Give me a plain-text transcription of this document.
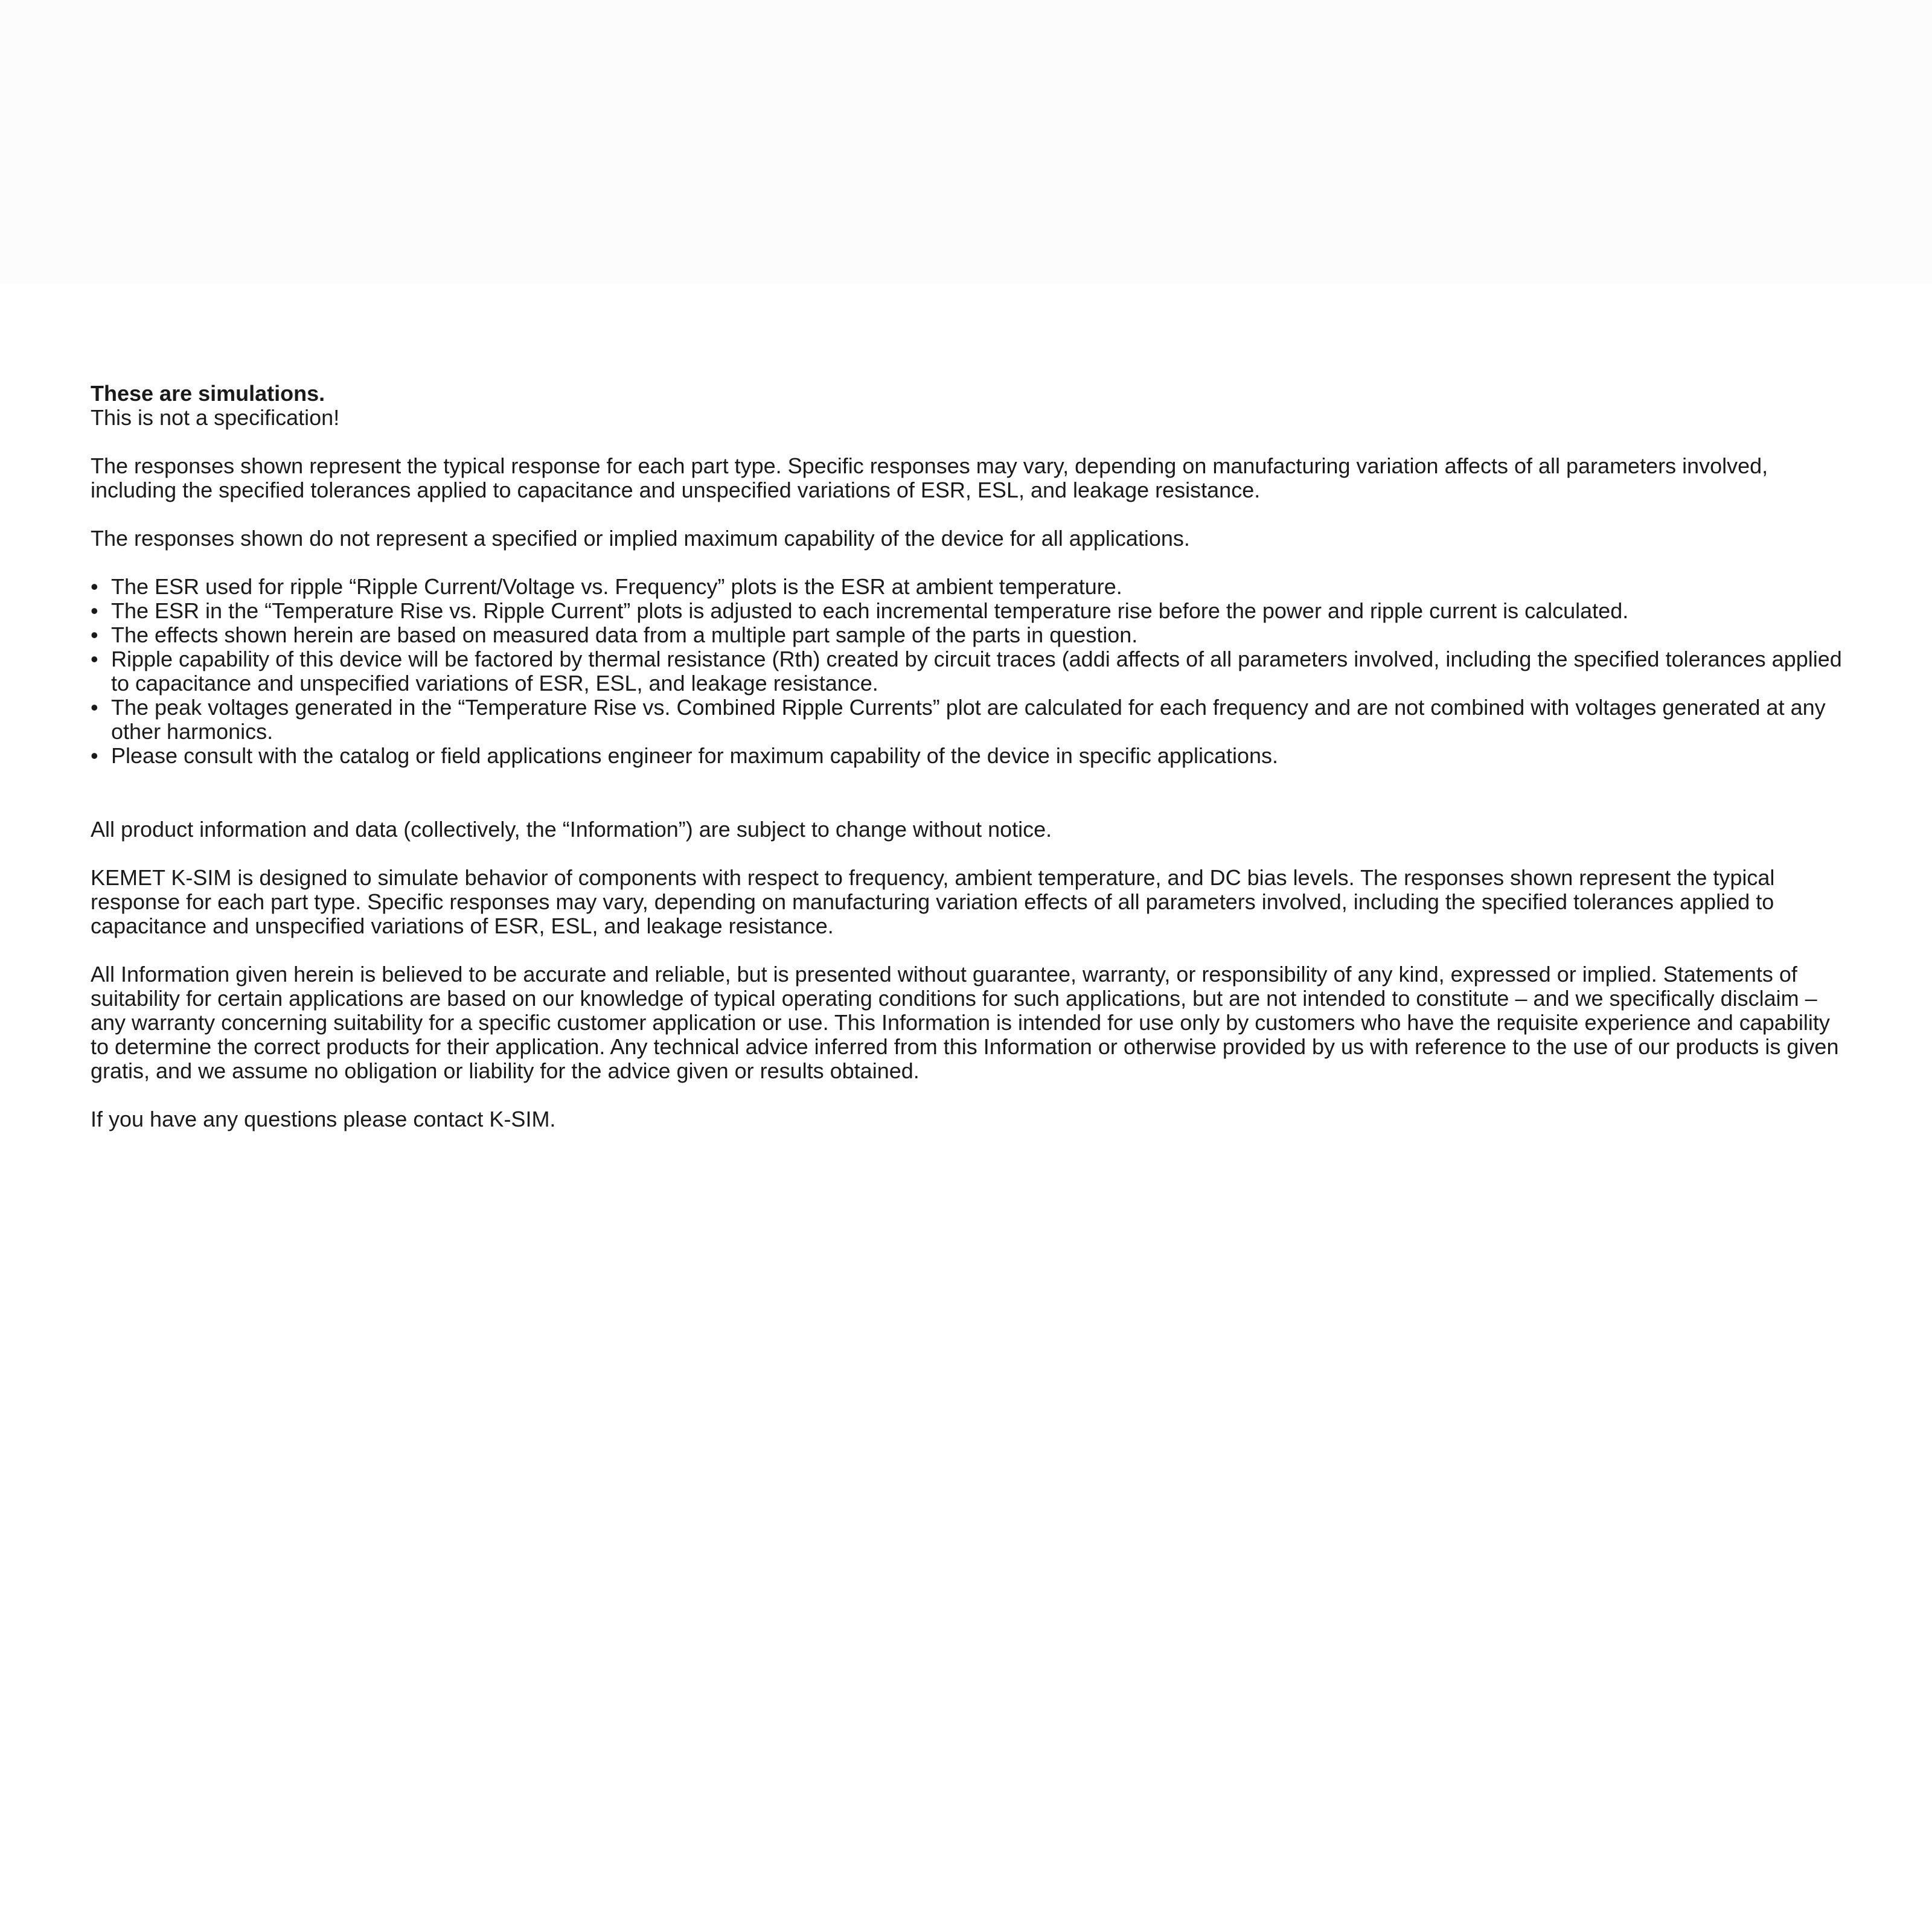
These are simulations.

This is not a specification!

The responses shown represent the typical response for each part type. Specific responses may vary, depending on manufacturing variation affects of all parameters involved, including the specified tolerances applied to capacitance and unspecified variations of ESR, ESL, and leakage resistance.

The responses shown do not represent a specified or implied maximum capability of the device for all applications.

• The ESR used for ripple “Ripple Current/Voltage vs. Frequency” plots is the ESR at ambient temperature.
• The ESR in the “Temperature Rise vs. Ripple Current” plots is adjusted to each incremental temperature rise before the power and ripple current is calculated.
• The effects shown herein are based on measured data from a multiple part sample of the parts in question.
• Ripple capability of this device will be factored by thermal resistance (Rth) created by circuit traces (addi affects of all parameters involved, including the specified tolerances applied to capacitance and unspecified variations of ESR, ESL, and leakage resistance.
• The peak voltages generated in the “Temperature Rise vs. Combined Ripple Currents” plot are calculated for each frequency and are not combined with voltages generated at any other harmonics.
• Please consult with the catalog or field applications engineer for maximum capability of the device in specific applications.

All product information and data (collectively, the “Information”) are subject to change without notice.

KEMET K-SIM is designed to simulate behavior of components with respect to frequency, ambient temperature, and DC bias levels. The responses shown represent the typical response for each part type. Specific responses may vary, depending on manufacturing variation effects of all parameters involved, including the specified tolerances applied to capacitance and unspecified variations of ESR, ESL, and leakage resistance.

All Information given herein is believed to be accurate and reliable, but is presented without guarantee, warranty, or responsibility of any kind, expressed or implied. Statements of suitability for certain applications are based on our knowledge of typical operating conditions for such applications, but are not intended to constitute – and we specifically disclaim – any warranty concerning suitability for a specific customer application or use. This Information is intended for use only by customers who have the requisite experience and capability to determine the correct products for their application. Any technical advice inferred from this Information or otherwise provided by us with reference to the use of our products is given gratis, and we assume no obligation or liability for the advice given or results obtained.

If you have any questions please contact K-SIM.
